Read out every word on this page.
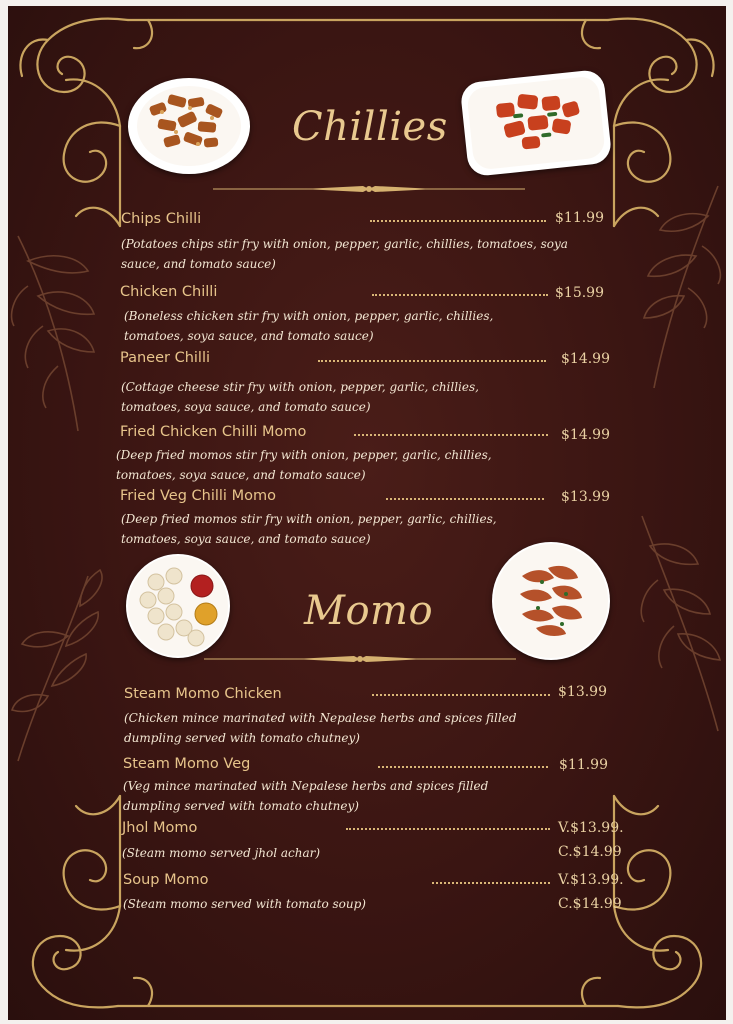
Chillies
Momo
Chips Chilli	$11.99
(Potatoes chips stir fry with onion, pepper, garlic, chillies, tomatoes, soya sauce, and tomato sauce)
Chicken Chilli	$15.99
(Boneless chicken stir fry with onion, pepper, garlic, chillies, tomatoes, soya sauce, and tomato sauce)
Paneer Chilli	$14.99
(Cottage cheese stir fry with onion, pepper, garlic, chillies, tomatoes, soya sauce, and tomato sauce)
Fried Chicken Chilli Momo	$14.99
(Deep fried momos stir fry with onion, pepper, garlic, chillies, tomatoes, soya sauce, and tomato sauce)
Fried Veg Chilli Momo	$13.99
(Deep fried momos stir fry with onion, pepper, garlic, chillies, tomatoes, soya sauce, and tomato sauce)
Steam Momo Chicken	$13.99
(Chicken mince marinated with Nepalese herbs and spices filled dumpling served with tomato chutney)
Steam Momo Veg	$11.99
(Veg mince marinated with Nepalese herbs and spices filled dumpling served with tomato chutney)
Jhol Momo	V.$13.99.
C.$14.99
(Steam momo served jhol achar)
Soup Momo	V.$13.99.
C.$14.99
(Steam momo served with tomato soup)
